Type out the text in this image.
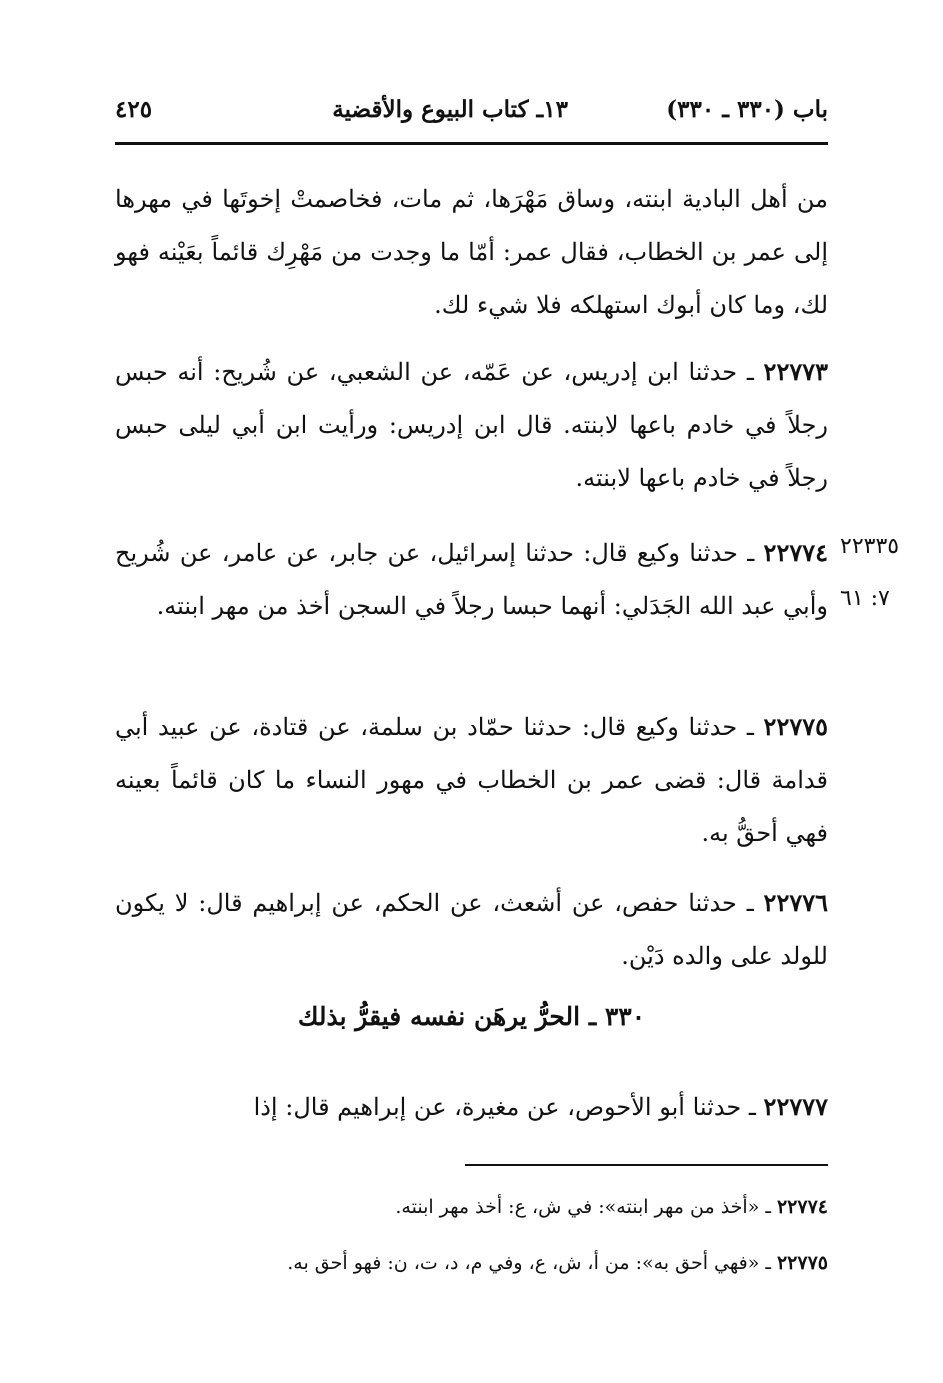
باب (٣٣٠ ـ ٣٣٠)
١٣ـ كتاب البيوع والأقضية
٤٢٥
من أهل البادية ابنته، وساق مَهْرَها، ثم مات، فخاصمتْ إخوتَها في مهرها إلى عمر بن الخطاب، فقال عمر: أمّا ما وجدت من مَهْرِك قائماً بعَيْنه فهو لك، وما كان أبوك استهلكه فلا شيء لك.
٢٢٧٧٣ ـ حدثنا ابن إدريس، عن عَمّه، عن الشعبي، عن شُريح: أنه حبس رجلاً في خادم باعها لابنته. قال ابن إدريس: ورأيت ابن أبي ليلى حبس رجلاً في خادم باعها لابنته.
٢٢٧٧٤ ـ حدثنا وكيع قال: حدثنا إسرائيل، عن جابر، عن عامر، عن شُريح وأبي عبد الله الجَدَلي: أنهما حبسا رجلاً في السجن أخذ من مهر ابنته.
٢٢٧٧٥ ـ حدثنا وكيع قال: حدثنا حمّاد بن سلمة، عن قتادة، عن عبيد أبي قدامة قال: قضى عمر بن الخطاب في مهور النساء ما كان قائماً بعينه فهي أحقُّ به.
٢٢٧٧٦ ـ حدثنا حفص، عن أشعث، عن الحكم، عن إبراهيم قال: لا يكون للولد على والده دَيْن.
٣٣٠ ـ الحرُّ يرهَن نفسه فيقرُّ بذلك
٢٢٧٧٧ ـ حدثنا أبو الأحوص، عن مغيرة، عن إبراهيم قال: إذا
٢٢٣٣٥
٧: ٦١
٢٢٧٧٤ ـ «أخذ من مهر ابنته»: في ش، ع: أخذ مهر ابنته.
٢٢٧٧٥ ـ «فهي أحق به»: من أ، ش، ع، وفي م، د، ت، ن: فهو أحق به.
